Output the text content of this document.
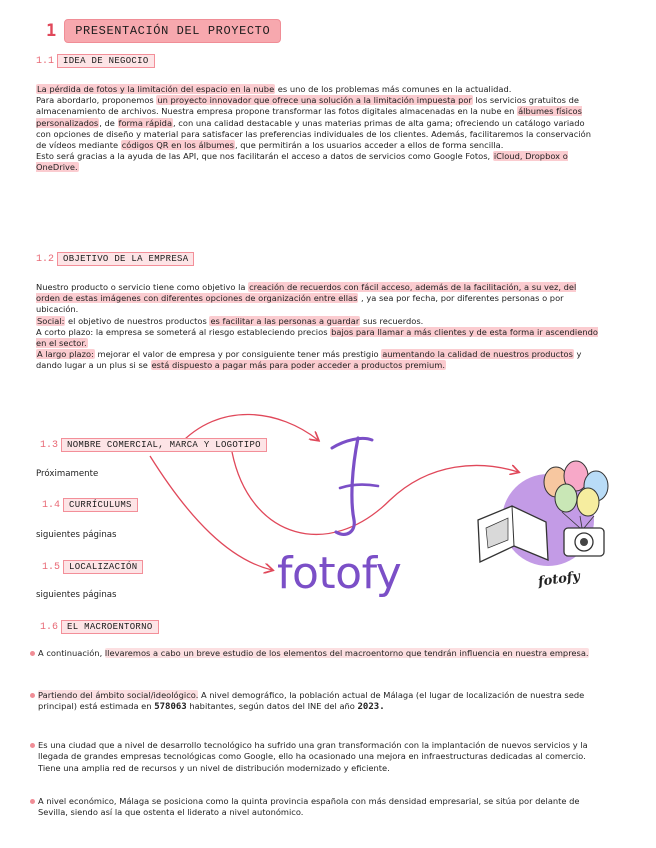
1	PRESENTACIÓN DEL PROYECTO
1.1	IDEA DE NEGOCIO
La pérdida de fotos y la limitación del espacio en la nube es uno de los problemas más comunes en la actualidad.
Para abordarlo, proponemos un proyecto innovador que ofrece una solución a la limitación impuesta por los servicios gratuitos de almacenamiento de archivos. Nuestra empresa propone transformar las fotos digitales almacenadas en la nube en álbumes físicos personalizados, de forma rápida, con una calidad destacable y unas materias primas de alta gama; ofreciendo un catálogo variado con opciones de diseño y material para satisfacer las preferencias individuales de los clientes. Además, facilitaremos la conservación de vídeos mediante códigos QR en los álbumes, que permitirán a los usuarios acceder a ellos de forma sencilla.
Esto será gracias a la ayuda de las API, que nos facilitarán el acceso a datos de servicios como Google Fotos, iCloud, Dropbox o OneDrive.
1.2	OBJETIVO DE LA EMPRESA
Nuestro producto o servicio tiene como objetivo la creación de recuerdos con fácil acceso, además de la facilitación, a su vez, del orden de estas imágenes con diferentes opciones de organización entre ellas , ya sea por fecha, por diferentes personas o por ubicación.
Social: el objetivo de nuestros productos es facilitar a las personas a guardar sus recuerdos.
A corto plazo: la empresa se someterá al riesgo estableciendo precios bajos para llamar a más clientes y de esta forma ir ascendiendo en el sector.
A largo plazo: mejorar el valor de empresa y por consiguiente tener más prestigio aumentando la calidad de nuestros productos y dando lugar a un plus si se está dispuesto a pagar más para poder acceder a productos premium.
fotofy	fotofy
1.3	NOMBRE COMERCIAL, MARCA Y LOGOTIPO
Próximamente
1.4	CURRÍCULUMS
siguientes páginas
1.5	LOCALIZACIÓN
siguientes páginas
1.6	EL MACROENTORNO
A continuación, llevaremos a cabo un breve estudio de los elementos del macroentorno que tendrán influencia en nuestra empresa.
Partiendo del ámbito social/ideológico. A nivel demográfico, la población actual de Málaga (el lugar de localización de nuestra sede principal) está estimada en 578063 habitantes, según datos del INE del año 2023.
Es una ciudad que a nivel de desarrollo tecnológico ha sufrido una gran transformación con la implantación de nuevos servicios y la llegada de grandes empresas tecnológicas como Google, ello ha ocasionado una mejora en infraestructuras dedicadas al comercio. Tiene una amplia red de recursos y un nivel de distribución modernizado y eficiente.
A nivel económico, Málaga se posiciona como la quinta provincia española con más densidad empresarial, se sitúa por delante de Sevilla, siendo así la que ostenta el liderato a nivel autonómico.
